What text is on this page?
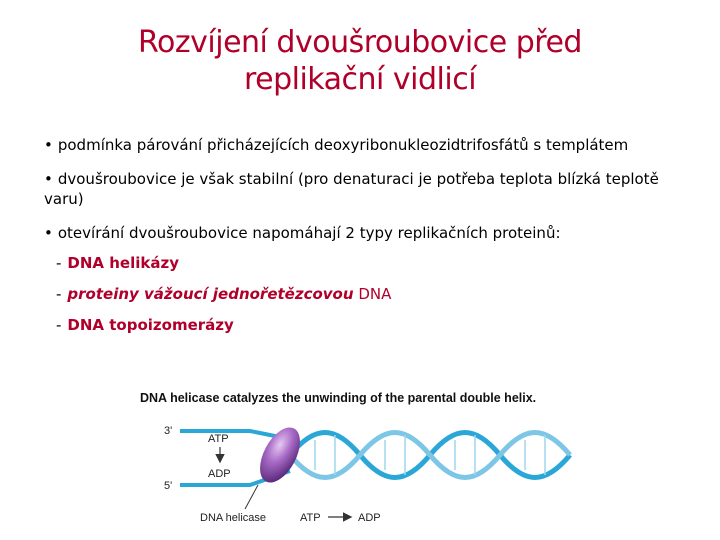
Rozvíjení dvoušroubovice před
replikační vidlicí
• podmínka párování přicházejících deoxyribonukleozidtrifosfátů s templátem
• dvoušroubovice je však stabilní (pro denaturaci je potřeba teplota blízká teplotě varu)
• otevírání dvoušroubovice napomáhají 2 typy replikačních proteinů:
- DNA helikázy
- proteiny vážoucí jednořetězcovou DNA
- DNA topoizomerázy
DNA helicase catalyzes the unwinding of the parental double helix.
3'
5'
ATP
ADP
DNA helicase	ATP	ADP
